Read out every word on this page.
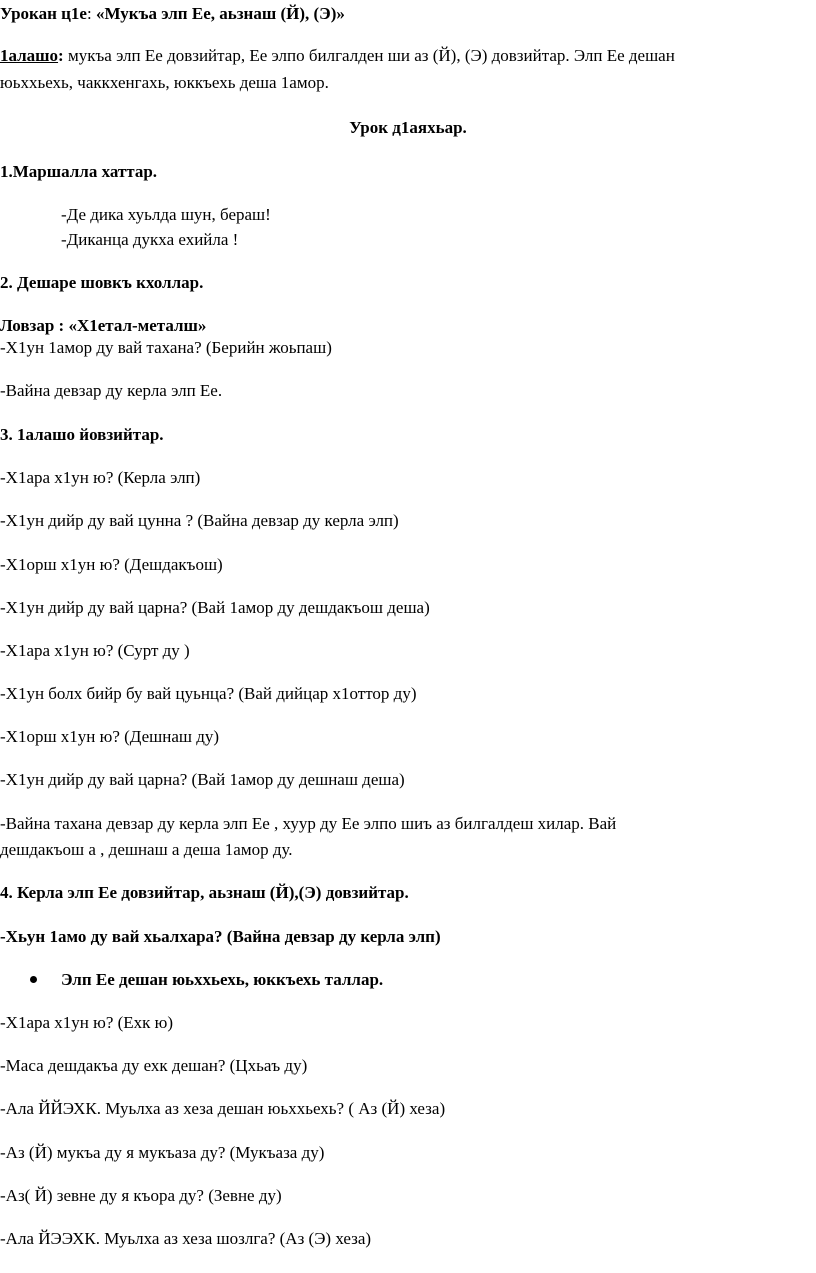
Урокан ц1е: «Мукъа элп Ее, аьзнаш (Й), (Э)»
1алашо: мукъа элп Ее довзийтар, Ее элпо билгалден ши аз (Й), (Э) довзийтар. Элп Ее дешан
юьххьехь, чаккхенгахь, юккъехь деша 1амор.
Урок д1аяхьар.
1.Маршалла хаттар.
-Де дика хуьлда шун, бераш!
-Диканца дукха ехийла !
2. Дешаре шовкъ кхоллар.
Ловзар : «Х1етал-металш»
-Х1ун 1амор ду вай тахана? (Берийн жоьпаш)
-Вайна девзар ду керла элп Ее.
3. 1алашо йовзийтар.
-Х1ара х1ун ю? (Керла элп)
-Х1ун дийр ду вай цунна ? (Вайна девзар ду керла элп)
-Х1орш х1ун ю? (Дешдакъош)
-Х1ун дийр ду вай царна? (Вай 1амор ду дешдакъош деша)
-Х1ара х1ун ю? (Сурт ду )
-Х1ун болх бийр бу вай цуьнца? (Вай дийцар х1оттор ду)
-Х1орш х1ун ю? (Дешнаш ду)
-Х1ун дийр ду вай царна? (Вай 1амор ду дешнаш деша)
-Вайна тахана девзар ду керла элп Ее , хуур ду Ее элпо шиъ аз билгалдеш хилар. Вай
дешдакъош а , дешнаш а деша 1амор ду.
4. Керла элп Ее довзийтар, аьзнаш (Й),(Э) довзийтар.
-Хьун 1амо ду вай хьалхара? (Вайна девзар ду керла элп)
Элп Ее дешан юьххьехь, юккъехь таллар.
-Х1ара х1ун ю? (Ехк ю)
-Маса дешдакъа ду ехк дешан? (Цхьаъ ду)
-Ала ЙЙЭХК. Муьлха аз хеза дешан юьххьехь? ( Аз (Й) хеза)
-Аз (Й) мукъа ду я мукъаза ду? (Мукъаза ду)
-Аз( Й) зевне ду я къора ду? (Зевне ду)
-Ала ЙЭЭХК. Муьлха аз хеза шозлга? (Аз (Э) хеза)
